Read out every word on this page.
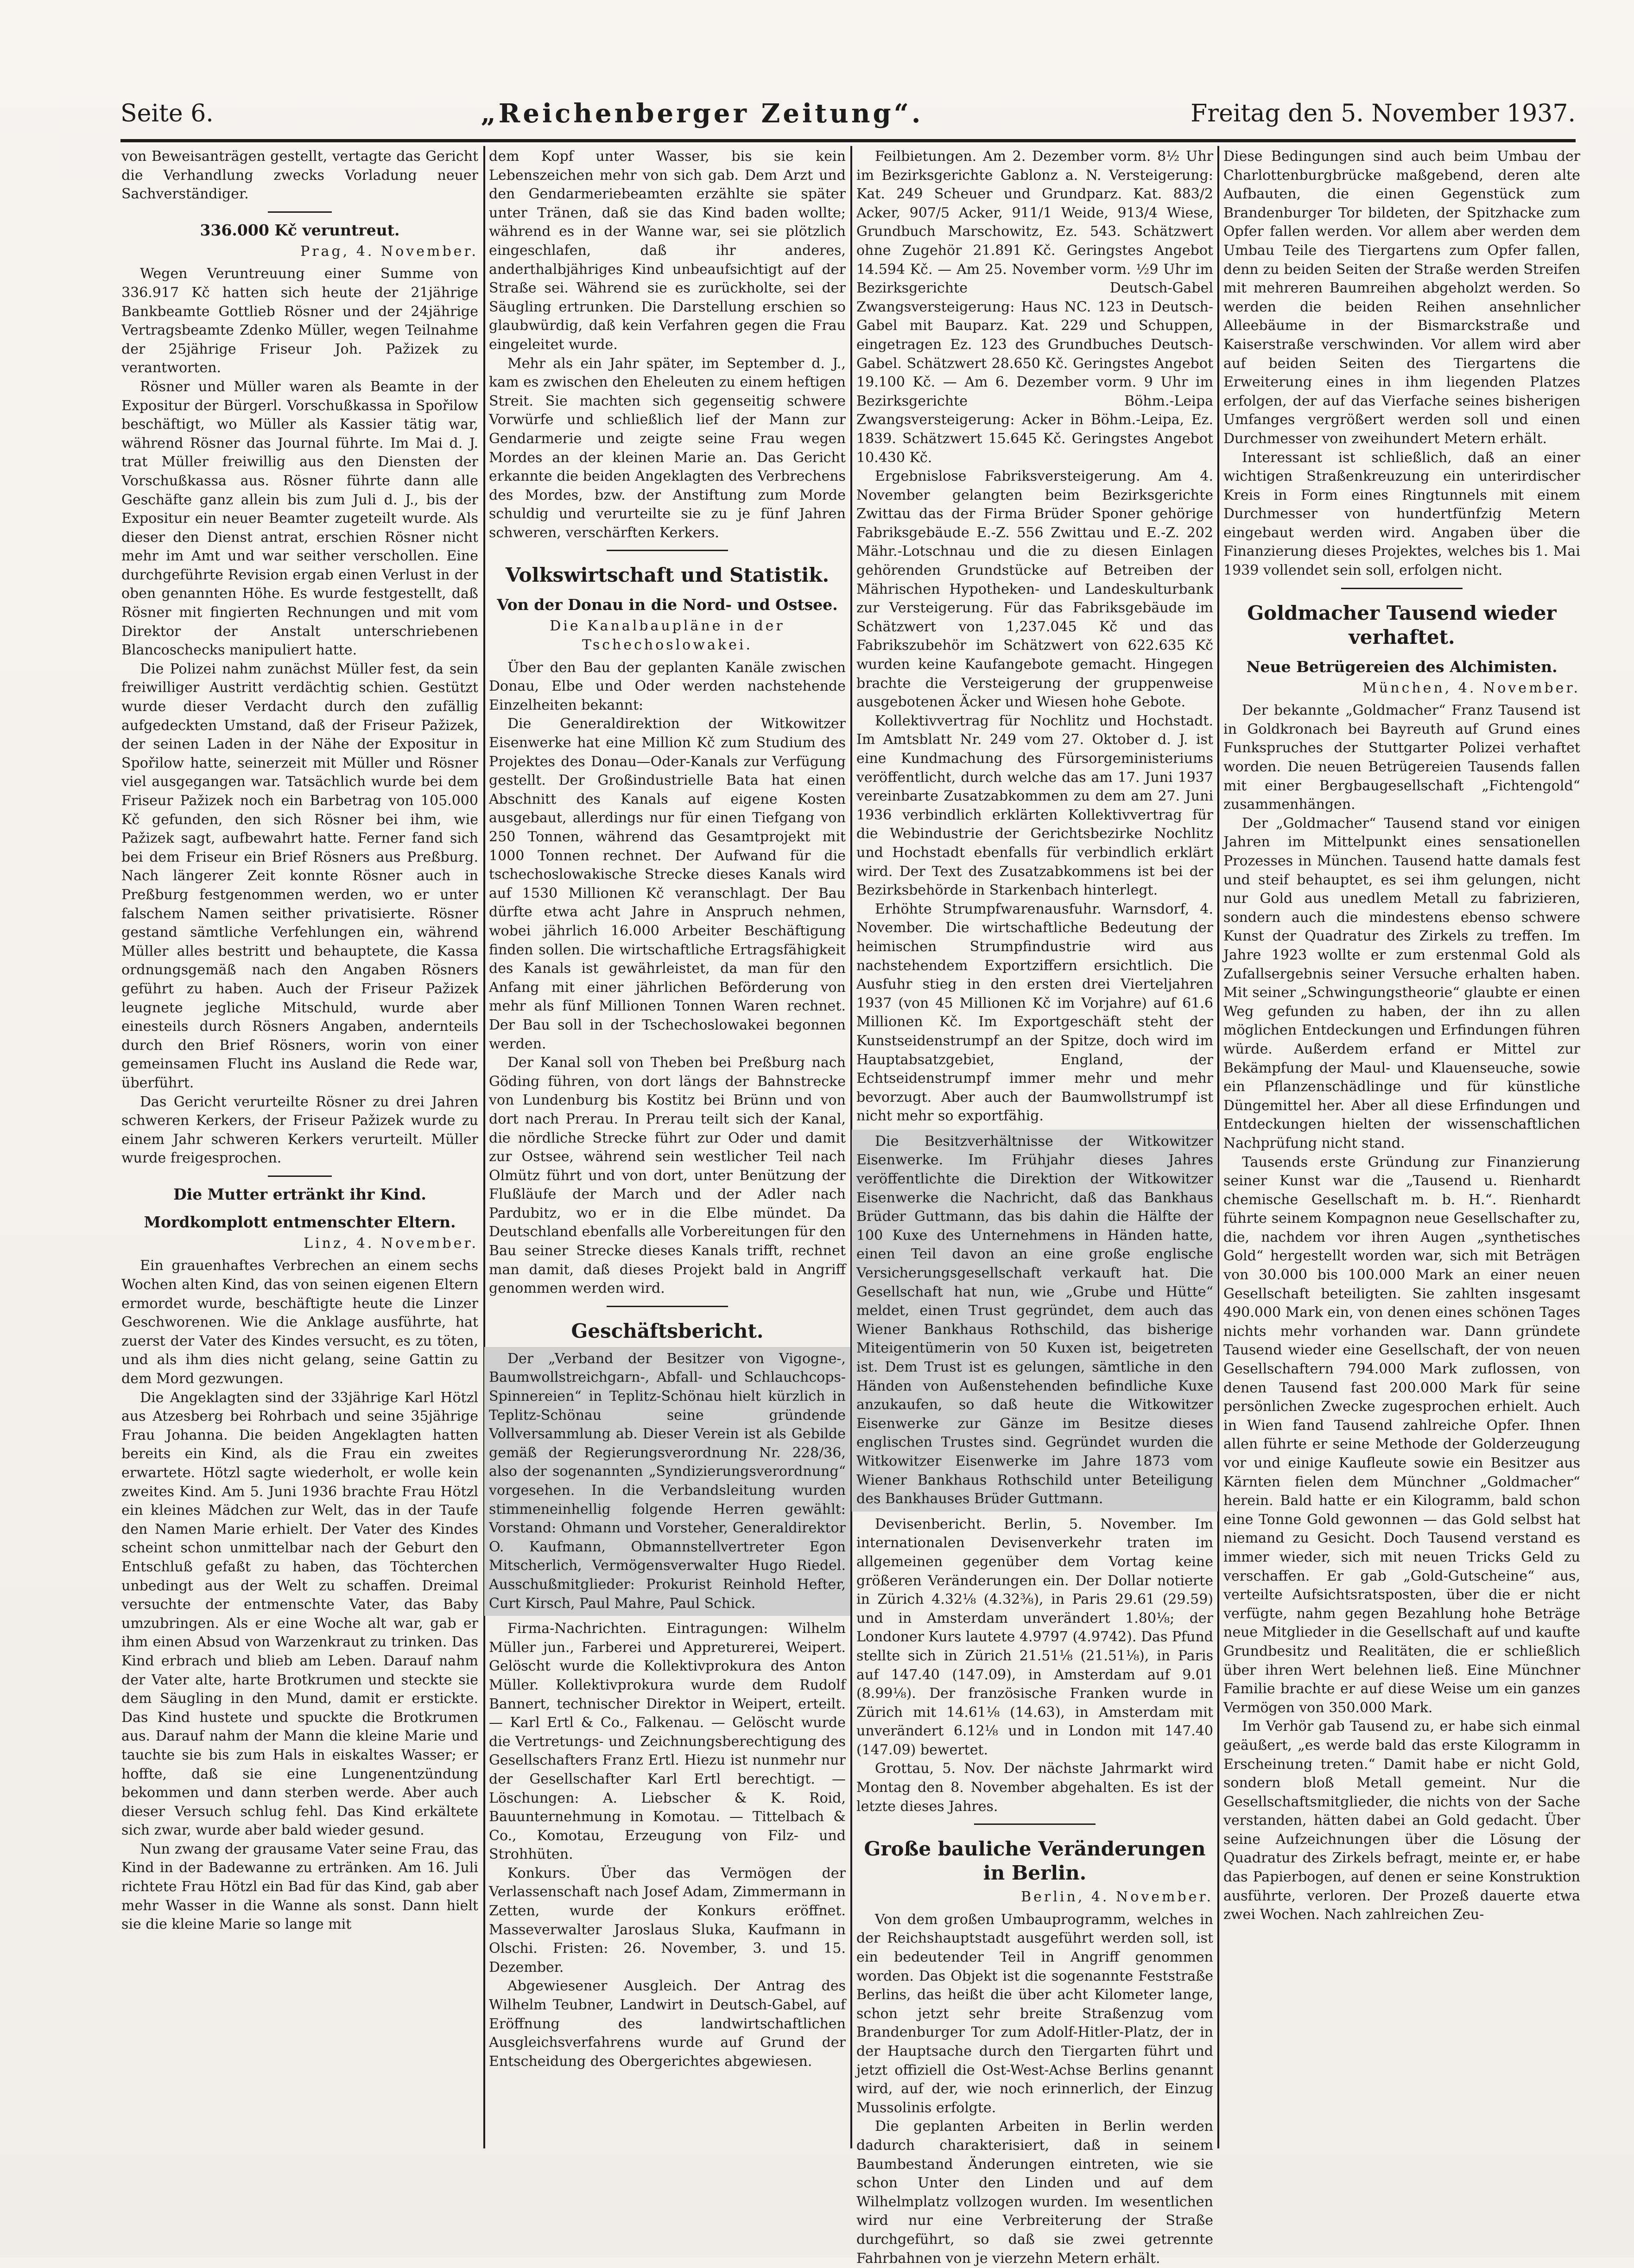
Seite 6.	„Reichenberger Zeitung“.	Freitag den 5. November 1937.

von Beweisanträgen gestellt, vertagte das Gericht die Verhandlung zwecks Vorladung neuer Sachverständiger.

336.000 Kč veruntreut.
Prag, 4. November.

Wegen Veruntreuung einer Summe von 336.917 Kč hatten sich heute der 21jährige Bankbeamte Gottlieb Rösner und der 24jährige Vertragsbeamte Zdenko Müller, wegen Teilnahme der 25jährige Friseur Joh. Pažizek zu verantworten.

Rösner und Müller waren als Beamte in der Expositur der Bürgerl. Vorschußkassa in Spořilow beschäftigt, wo Müller als Kassier tätig war, während Rösner das Journal führte. Im Mai d. J. trat Müller freiwillig aus den Diensten der Vorschußkassa aus. Rösner führte dann alle Geschäfte ganz allein bis zum Juli d. J., bis der Expositur ein neuer Beamter zugeteilt wurde. Als dieser den Dienst antrat, erschien Rösner nicht mehr im Amt und war seither verschollen. Eine durchgeführte Revision ergab einen Verlust in der oben genannten Höhe. Es wurde festgestellt, daß Rösner mit fingierten Rechnungen und mit vom Direktor der Anstalt unterschriebenen Blancoschecks manipuliert hatte.

Die Polizei nahm zunächst Müller fest, da sein freiwilliger Austritt verdächtig schien. Gestützt wurde dieser Verdacht durch den zufällig aufgedeckten Umstand, daß der Friseur Pažizek, der seinen Laden in der Nähe der Expositur in Spořilow hatte, seinerzeit mit Müller und Rösner viel ausgegangen war. Tatsächlich wurde bei dem Friseur Pažizek noch ein Barbetrag von 105.000 Kč gefunden, den sich Rösner bei ihm, wie Pažizek sagt, aufbewahrt hatte. Ferner fand sich bei dem Friseur ein Brief Rösners aus Preßburg. Nach längerer Zeit konnte Rösner auch in Preßburg festgenommen werden, wo er unter falschem Namen seither privatisierte. Rösner gestand sämtliche Verfehlungen ein, während Müller alles bestritt und behauptete, die Kassa ordnungsgemäß nach den Angaben Rösners geführt zu haben. Auch der Friseur Pažizek leugnete jegliche Mitschuld, wurde aber einesteils durch Rösners Angaben, andernteils durch den Brief Rösners, worin von einer gemeinsamen Flucht ins Ausland die Rede war, überführt.

Das Gericht verurteilte Rösner zu drei Jahren schweren Kerkers, der Friseur Pažizek wurde zu einem Jahr schweren Kerkers verurteilt. Müller wurde freigesprochen.

Die Mutter ertränkt ihr Kind.
Mordkomplott entmenschter Eltern.
Linz, 4. November.

Ein grauenhaftes Verbrechen an einem sechs Wochen alten Kind, das von seinen eigenen Eltern ermordet wurde, beschäftigte heute die Linzer Geschworenen. Wie die Anklage ausführte, hat zuerst der Vater des Kindes versucht, es zu töten, und als ihm dies nicht gelang, seine Gattin zu dem Mord gezwungen.

Die Angeklagten sind der 33jährige Karl Hötzl aus Atzesberg bei Rohrbach und seine 35jährige Frau Johanna. Die beiden Angeklagten hatten bereits ein Kind, als die Frau ein zweites erwartete. Hötzl sagte wiederholt, er wolle kein zweites Kind. Am 5. Juni 1936 brachte Frau Hötzl ein kleines Mädchen zur Welt, das in der Taufe den Namen Marie erhielt. Der Vater des Kindes scheint schon unmittelbar nach der Geburt den Entschluß gefaßt zu haben, das Töchterchen unbedingt aus der Welt zu schaffen. Dreimal versuchte der entmenschte Vater, das Baby umzubringen. Als er eine Woche alt war, gab er ihm einen Absud von Warzenkraut zu trinken. Das Kind erbrach und blieb am Leben. Darauf nahm der Vater alte, harte Brotkrumen und steckte sie dem Säugling in den Mund, damit er erstickte. Das Kind hustete und spuckte die Brotkrumen aus. Darauf nahm der Mann die kleine Marie und tauchte sie bis zum Hals in eiskaltes Wasser; er hoffte, daß sie eine Lungenentzündung bekommen und dann sterben werde. Aber auch dieser Versuch schlug fehl. Das Kind erkältete sich zwar, wurde aber bald wieder gesund.

Nun zwang der grausame Vater seine Frau, das Kind in der Badewanne zu ertränken. Am 16. Juli richtete Frau Hötzl ein Bad für das Kind, gab aber mehr Wasser in die Wanne als sonst. Dann hielt sie die kleine Marie so lange mit

dem Kopf unter Wasser, bis sie kein Lebenszeichen mehr von sich gab. Dem Arzt und den Gendarmeriebeamten erzählte sie später unter Tränen, daß sie das Kind baden wollte; während es in der Wanne war, sei sie plötzlich eingeschlafen, daß ihr anderes, anderthalbjähriges Kind unbeaufsichtigt auf der Straße sei. Während sie es zurückholte, sei der Säugling ertrunken. Die Darstellung erschien so glaubwürdig, daß kein Verfahren gegen die Frau eingeleitet wurde.

Mehr als ein Jahr später, im September d. J., kam es zwischen den Eheleuten zu einem heftigen Streit. Sie machten sich gegenseitig schwere Vorwürfe und schließlich lief der Mann zur Gendarmerie und zeigte seine Frau wegen Mordes an der kleinen Marie an. Das Gericht erkannte die beiden Angeklagten des Verbrechens des Mordes, bzw. der Anstiftung zum Morde schuldig und verurteilte sie zu je fünf Jahren schweren, verschärften Kerkers.

Volkswirtschaft und Statistik.
Von der Donau in die Nord- und Ostsee.
Die Kanalbaupläne in der Tschechoslowakei.

Über den Bau der geplanten Kanäle zwischen Donau, Elbe und Oder werden nachstehende Einzelheiten bekannt:

Die Generaldirektion der Witkowitzer Eisenwerke hat eine Million Kč zum Studium des Projektes des Donau—Oder-Kanals zur Verfügung gestellt. Der Großindustrielle Bata hat einen Abschnitt des Kanals auf eigene Kosten ausgebaut, allerdings nur für einen Tiefgang von 250 Tonnen, während das Gesamtprojekt mit 1000 Tonnen rechnet. Der Aufwand für die tschechoslowakische Strecke dieses Kanals wird auf 1530 Millionen Kč veranschlagt. Der Bau dürfte etwa acht Jahre in Anspruch nehmen, wobei jährlich 16.000 Arbeiter Beschäftigung finden sollen. Die wirtschaftliche Ertragsfähigkeit des Kanals ist gewährleistet, da man für den Anfang mit einer jährlichen Beförderung von mehr als fünf Millionen Tonnen Waren rechnet. Der Bau soll in der Tschechoslowakei begonnen werden.

Der Kanal soll von Theben bei Preßburg nach Göding führen, von dort längs der Bahnstrecke von Lundenburg bis Kostitz bei Brünn und von dort nach Prerau. In Prerau teilt sich der Kanal, die nördliche Strecke führt zur Oder und damit zur Ostsee, während sein westlicher Teil nach Olmütz führt und von dort, unter Benützung der Flußläufe der March und der Adler nach Pardubitz, wo er in die Elbe mündet. Da Deutschland ebenfalls alle Vorbereitungen für den Bau seiner Strecke dieses Kanals trifft, rechnet man damit, daß dieses Projekt bald in Angriff genommen werden wird.

Geschäftsbericht.

Der „Verband der Besitzer von Vigogne-, Baumwollstreichgarn-, Abfall- und Schlauchcops-Spinnereien“ in Teplitz-Schönau hielt kürzlich in Teplitz-Schönau seine gründende Vollversammlung ab. Dieser Verein ist als Gebilde gemäß der Regierungsverordnung Nr. 228/36, also der sogenannten „Syndizierungsverordnung“ vorgesehen. In die Verbandsleitung wurden stimmeneinhellig folgende Herren gewählt: Vorstand: Ohmann und Vorsteher, Generaldirektor O. Kaufmann, Obmannstellvertreter Egon Mitscherlich, Vermögensverwalter Hugo Riedel. Ausschußmitglieder: Prokurist Reinhold Hefter, Curt Kirsch, Paul Mahre, Paul Schick.

Firma-Nachrichten. Eintragungen: Wilhelm Müller jun., Farberei und Appreturerei, Weipert. Gelöscht wurde die Kollektivprokura des Anton Müller. Kollektivprokura wurde dem Rudolf Bannert, technischer Direktor in Weipert, erteilt. — Karl Ertl & Co., Falkenau. — Gelöscht wurde die Vertretungs- und Zeichnungsberechtigung des Gesellschafters Franz Ertl. Hiezu ist nunmehr nur der Gesellschafter Karl Ertl berechtigt. — Löschungen: A. Liebscher & K. Roid, Bauunternehmung in Komotau. — Tittelbach & Co., Komotau, Erzeugung von Filz- und Strohhüten.

Konkurs. Über das Vermögen der Verlassenschaft nach Josef Adam, Zimmermann in Zetten, wurde der Konkurs eröffnet. Masseverwalter Jaroslaus Sluka, Kaufmann in Olschi. Fristen: 26. November, 3. und 15. Dezember.

Abgewiesener Ausgleich. Der Antrag des Wilhelm Teubner, Landwirt in Deutsch-Gabel, auf Eröffnung des landwirtschaftlichen Ausgleichsverfahrens wurde auf Grund der Entscheidung des Obergerichtes abgewiesen.

Feilbietungen. Am 2. Dezember vorm. 8½ Uhr im Bezirksgerichte Gablonz a. N. Versteigerung: Kat. 249 Scheuer und Grundparz. Kat. 883/2 Acker, 907/5 Acker, 911/1 Weide, 913/4 Wiese, Grundbuch Marschowitz, Ez. 543. Schätzwert ohne Zugehör 21.891 Kč. Geringstes Angebot 14.594 Kč. — Am 25. November vorm. ½9 Uhr im Bezirksgerichte Deutsch-Gabel Zwangsversteigerung: Haus NC. 123 in Deutsch-Gabel mit Bauparz. Kat. 229 und Schuppen, eingetragen Ez. 123 des Grundbuches Deutsch-Gabel. Schätzwert 28.650 Kč. Geringstes Angebot 19.100 Kč. — Am 6. Dezember vorm. 9 Uhr im Bezirksgerichte Böhm.-Leipa Zwangsversteigerung: Acker in Böhm.-Leipa, Ez. 1839. Schätzwert 15.645 Kč. Geringstes Angebot 10.430 Kč.

Ergebnislose Fabriksversteigerung. Am 4. November gelangten beim Bezirksgerichte Zwittau das der Firma Brüder Sponer gehörige Fabriksgebäude E.-Z. 556 Zwittau und E.-Z. 202 Mähr.-Lotschnau und die zu diesen Einlagen gehörenden Grundstücke auf Betreiben der Mährischen Hypotheken- und Landeskulturbank zur Versteigerung. Für das Fabriksgebäude im Schätzwert von 1,237.045 Kč und das Fabrikszubehör im Schätzwert von 622.635 Kč wurden keine Kaufangebote gemacht. Hingegen brachte die Versteigerung der gruppenweise ausgebotenen Äcker und Wiesen hohe Gebote.

Kollektivvertrag für Nochlitz und Hochstadt. Im Amtsblatt Nr. 249 vom 27. Oktober d. J. ist eine Kundmachung des Fürsorgeministeriums veröffentlicht, durch welche das am 17. Juni 1937 vereinbarte Zusatzabkommen zu dem am 27. Juni 1936 verbindlich erklärten Kollektivvertrag für die Webindustrie der Gerichtsbezirke Nochlitz und Hochstadt ebenfalls für verbindlich erklärt wird. Der Text des Zusatzabkommens ist bei der Bezirksbehörde in Starkenbach hinterlegt.

Erhöhte Strumpfwarenausfuhr. Warnsdorf, 4. November. Die wirtschaftliche Bedeutung der heimischen Strumpfindustrie wird aus nachstehendem Exportziffern ersichtlich. Die Ausfuhr stieg in den ersten drei Vierteljahren 1937 (von 45 Millionen Kč im Vorjahre) auf 61.6 Millionen Kč. Im Exportgeschäft steht der Kunstseidenstrumpf an der Spitze, doch wird im Hauptabsatzgebiet, England, der Echtseidenstrumpf immer mehr und mehr bevorzugt. Aber auch der Baumwollstrumpf ist nicht mehr so exportfähig.

Die Besitzverhältnisse der Witkowitzer Eisenwerke. Im Frühjahr dieses Jahres veröffentlichte die Direktion der Witkowitzer Eisenwerke die Nachricht, daß das Bankhaus Brüder Guttmann, das bis dahin die Hälfte der 100 Kuxe des Unternehmens in Händen hatte, einen Teil davon an eine große englische Versicherungsgesellschaft verkauft hat. Die Gesellschaft hat nun, wie „Grube und Hütte“ meldet, einen Trust gegründet, dem auch das Wiener Bankhaus Rothschild, das bisherige Miteigentümerin von 50 Kuxen ist, beigetreten ist. Dem Trust ist es gelungen, sämtliche in den Händen von Außenstehenden befindliche Kuxe anzukaufen, so daß heute die Witkowitzer Eisenwerke zur Gänze im Besitze dieses englischen Trustes sind. Gegründet wurden die Witkowitzer Eisenwerke im Jahre 1873 vom Wiener Bankhaus Rothschild unter Beteiligung des Bankhauses Brüder Guttmann.

Devisenbericht. Berlin, 5. November. Im internationalen Devisenverkehr traten im allgemeinen gegenüber dem Vortag keine größeren Veränderungen ein. Der Dollar notierte in Zürich 4.32⅛ (4.32⅜), in Paris 29.61 (29.59) und in Amsterdam unverändert 1.80⅛; der Londoner Kurs lautete 4.9797 (4.9742). Das Pfund stellte sich in Zürich 21.51⅛ (21.51⅛), in Paris auf 147.40 (147.09), in Amsterdam auf 9.01 (8.99⅛). Der französische Franken wurde in Zürich mit 14.61⅛ (14.63), in Amsterdam mit unverändert 6.12⅛ und in London mit 147.40 (147.09) bewertet.

Grottau, 5. Nov. Der nächste Jahrmarkt wird Montag den 8. November abgehalten. Es ist der letzte dieses Jahres.

Große bauliche Veränderungen in Berlin.
Berlin, 4. November.

Von dem großen Umbauprogramm, welches in der Reichshauptstadt ausgeführt werden soll, ist ein bedeutender Teil in Angriff genommen worden. Das Objekt ist die sogenannte Feststraße Berlins, das heißt die über acht Kilometer lange, schon jetzt sehr breite Straßenzug vom Brandenburger Tor zum Adolf-Hitler-Platz, der in der Hauptsache durch den Tiergarten führt und jetzt offiziell die Ost-West-Achse Berlins genannt wird, auf der, wie noch erinnerlich, der Einzug Mussolinis erfolgte.

Die geplanten Arbeiten in Berlin werden dadurch charakterisiert, daß in seinem Baumbestand Änderungen eintreten, wie sie schon Unter den Linden und auf dem Wilhelmplatz vollzogen wurden. Im wesentlichen wird nur eine Verbreiterung der Straße durchgeführt, so daß sie zwei getrennte Fahrbahnen von je vierzehn Metern erhält.

Diese Bedingungen sind auch beim Umbau der Charlottenburgbrücke maßgebend, deren alte Aufbauten, die einen Gegenstück zum Brandenburger Tor bildeten, der Spitzhacke zum Opfer fallen werden. Vor allem aber werden dem Umbau Teile des Tiergartens zum Opfer fallen, denn zu beiden Seiten der Straße werden Streifen mit mehreren Baumreihen abgeholzt werden. So werden die beiden Reihen ansehnlicher Alleebäume in der Bismarckstraße und Kaiserstraße verschwinden. Vor allem wird aber auf beiden Seiten des Tiergartens die Erweiterung eines in ihm liegenden Platzes erfolgen, der auf das Vierfache seines bisherigen Umfanges vergrößert werden soll und einen Durchmesser von zweihundert Metern erhält.

Interessant ist schließlich, daß an einer wichtigen Straßenkreuzung ein unterirdischer Kreis in Form eines Ringtunnels mit einem Durchmesser von hundertfünfzig Metern eingebaut werden wird. Angaben über die Finanzierung dieses Projektes, welches bis 1. Mai 1939 vollendet sein soll, erfolgen nicht.

Goldmacher Tausend wieder verhaftet.
Neue Betrügereien des Alchimisten.
München, 4. November.

Der bekannte „Goldmacher“ Franz Tausend ist in Goldkronach bei Bayreuth auf Grund eines Funkspruches der Stuttgarter Polizei verhaftet worden. Die neuen Betrügereien Tausends fallen mit einer Bergbaugesellschaft „Fichtengold“ zusammenhängen.

Der „Goldmacher“ Tausend stand vor einigen Jahren im Mittelpunkt eines sensationellen Prozesses in München. Tausend hatte damals fest und steif behauptet, es sei ihm gelungen, nicht nur Gold aus unedlem Metall zu fabrizieren, sondern auch die mindestens ebenso schwere Kunst der Quadratur des Zirkels zu treffen. Im Jahre 1923 wollte er zum erstenmal Gold als Zufallsergebnis seiner Versuche erhalten haben. Mit seiner „Schwingungstheorie“ glaubte er einen Weg gefunden zu haben, der ihn zu allen möglichen Entdeckungen und Erfindungen führen würde. Außerdem erfand er Mittel zur Bekämpfung der Maul- und Klauenseuche, sowie ein Pflanzenschädlinge und für künstliche Düngemittel her. Aber all diese Erfindungen und Entdeckungen hielten der wissenschaftlichen Nachprüfung nicht stand.

Tausends erste Gründung zur Finanzierung seiner Kunst war die „Tausend u. Rienhardt chemische Gesellschaft m. b. H.“. Rienhardt führte seinem Kompagnon neue Gesellschafter zu, die, nachdem vor ihren Augen „synthetisches Gold“ hergestellt worden war, sich mit Beträgen von 30.000 bis 100.000 Mark an einer neuen Gesellschaft beteiligten. Sie zahlten insgesamt 490.000 Mark ein, von denen eines schönen Tages nichts mehr vorhanden war. Dann gründete Tausend wieder eine Gesellschaft, der von neuen Gesellschaftern 794.000 Mark zuflossen, von denen Tausend fast 200.000 Mark für seine persönlichen Zwecke zugesprochen erhielt. Auch in Wien fand Tausend zahlreiche Opfer. Ihnen allen führte er seine Methode der Golderzeugung vor und einige Kaufleute sowie ein Besitzer aus Kärnten fielen dem Münchner „Goldmacher“ herein. Bald hatte er ein Kilogramm, bald schon eine Tonne Gold gewonnen — das Gold selbst hat niemand zu Gesicht. Doch Tausend verstand es immer wieder, sich mit neuen Tricks Geld zu verschaffen. Er gab „Gold-Gutscheine“ aus, verteilte Aufsichtsratsposten, über die er nicht verfügte, nahm gegen Bezahlung hohe Beträge neue Mitglieder in die Gesellschaft auf und kaufte Grundbesitz und Realitäten, die er schließlich über ihren Wert belehnen ließ. Eine Münchner Familie brachte er auf diese Weise um ein ganzes Vermögen von 350.000 Mark.

Im Verhör gab Tausend zu, er habe sich einmal geäußert, „es werde bald das erste Kilogramm in Erscheinung treten.“ Damit habe er nicht Gold, sondern bloß Metall gemeint. Nur die Gesellschaftsmitglieder, die nichts von der Sache verstanden, hätten dabei an Gold gedacht. Über seine Aufzeichnungen über die Lösung der Quadratur des Zirkels befragt, meinte er, er habe das Papierbogen, auf denen er seine Konstruktion ausführte, verloren. Der Prozeß dauerte etwa zwei Wochen. Nach zahlreichen Zeu-
